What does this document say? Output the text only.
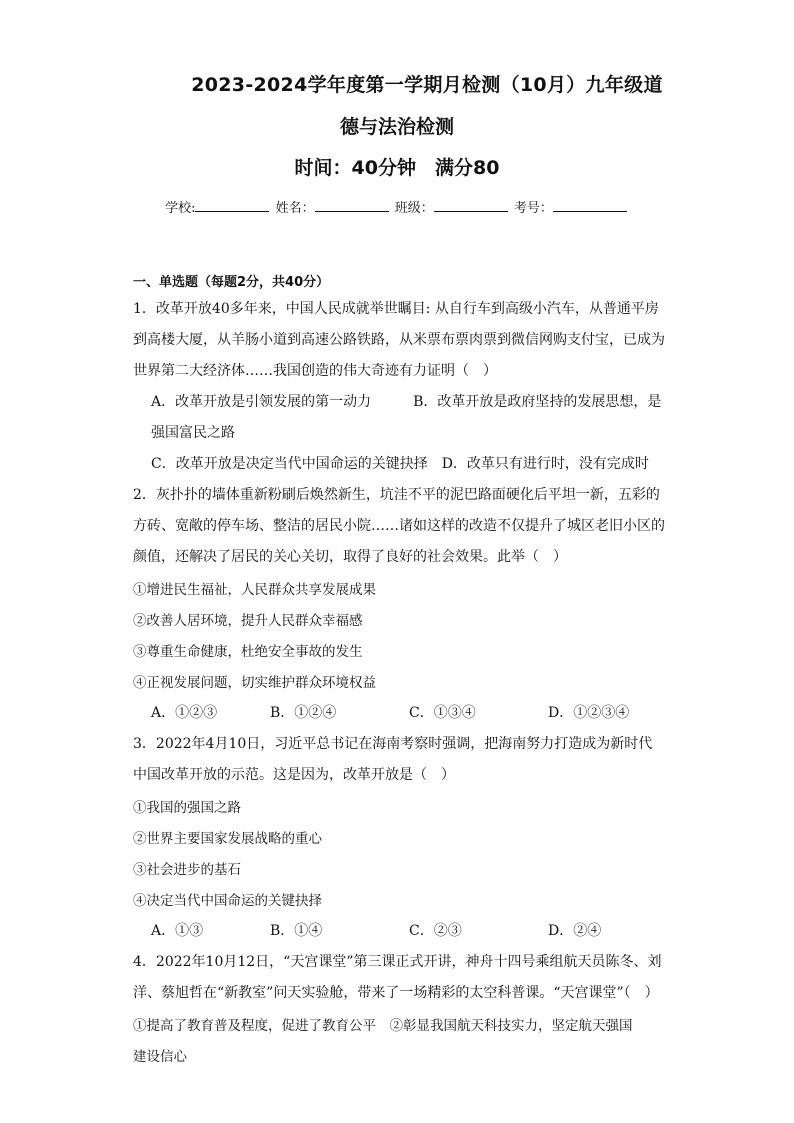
2023-2024学年度第一学期月检测（10月）九年级道
德与法治检测
时间：40分钟　满分80
学校:	姓名：	班级：	考号：
一、单选题（每题2分，共40分）
1．改革开放40多年来，中国人民成就举世瞩目: 从自行车到高级小汽车，从普通平房
到高楼大厦，从羊肠小道到高速公路铁路，从米票布票肉票到微信网购支付宝，已成为
世界第二大经济体……我国创造的伟大奇迹有力证明（　）
A．改革开放是引领发展的第一动力　　　B．改革开放是政府坚持的发展思想，是
强国富民之路
C．改革开放是决定当代中国命运的关键抉择　D．改革只有进行时，没有完成时
2．灰扑扑的墙体重新粉刷后焕然新生，坑洼不平的泥巴路面硬化后平坦一新，五彩的
方砖、宽敞的停车场、整洁的居民小院……诸如这样的改造不仅提升了城区老旧小区的
颜值，还解决了居民的关心关切，取得了良好的社会效果。此举（　）
①增进民生福祉，人民群众共享发展成果
②改善人居环境，提升人民群众幸福感
③尊重生命健康，杜绝安全事故的发生
④正视发展问题，切实维护群众环境权益
A．①②③	B．①②④	C．①③④	D．①②③④
3．2022年4月10日，习近平总书记在海南考察时强调，把海南努力打造成为新时代
中国改革开放的示范。这是因为，改革开放是（　）
①我国的强国之路
②世界主要国家发展战略的重心
③社会进步的基石
④决定当代中国命运的关键抉择
A．①③	B．①④	C．②③	D．②④
4．2022年10月12日，“天宫课堂”第三课正式开讲，神舟十四号乘组航天员陈冬、刘
洋、蔡旭哲在“新教室”问天实验舱，带来了一场精彩的太空科普课。“天宫课堂”（　）
①提高了教育普及程度，促进了教育公平　②彰显我国航天科技实力，坚定航天强国
建设信心
